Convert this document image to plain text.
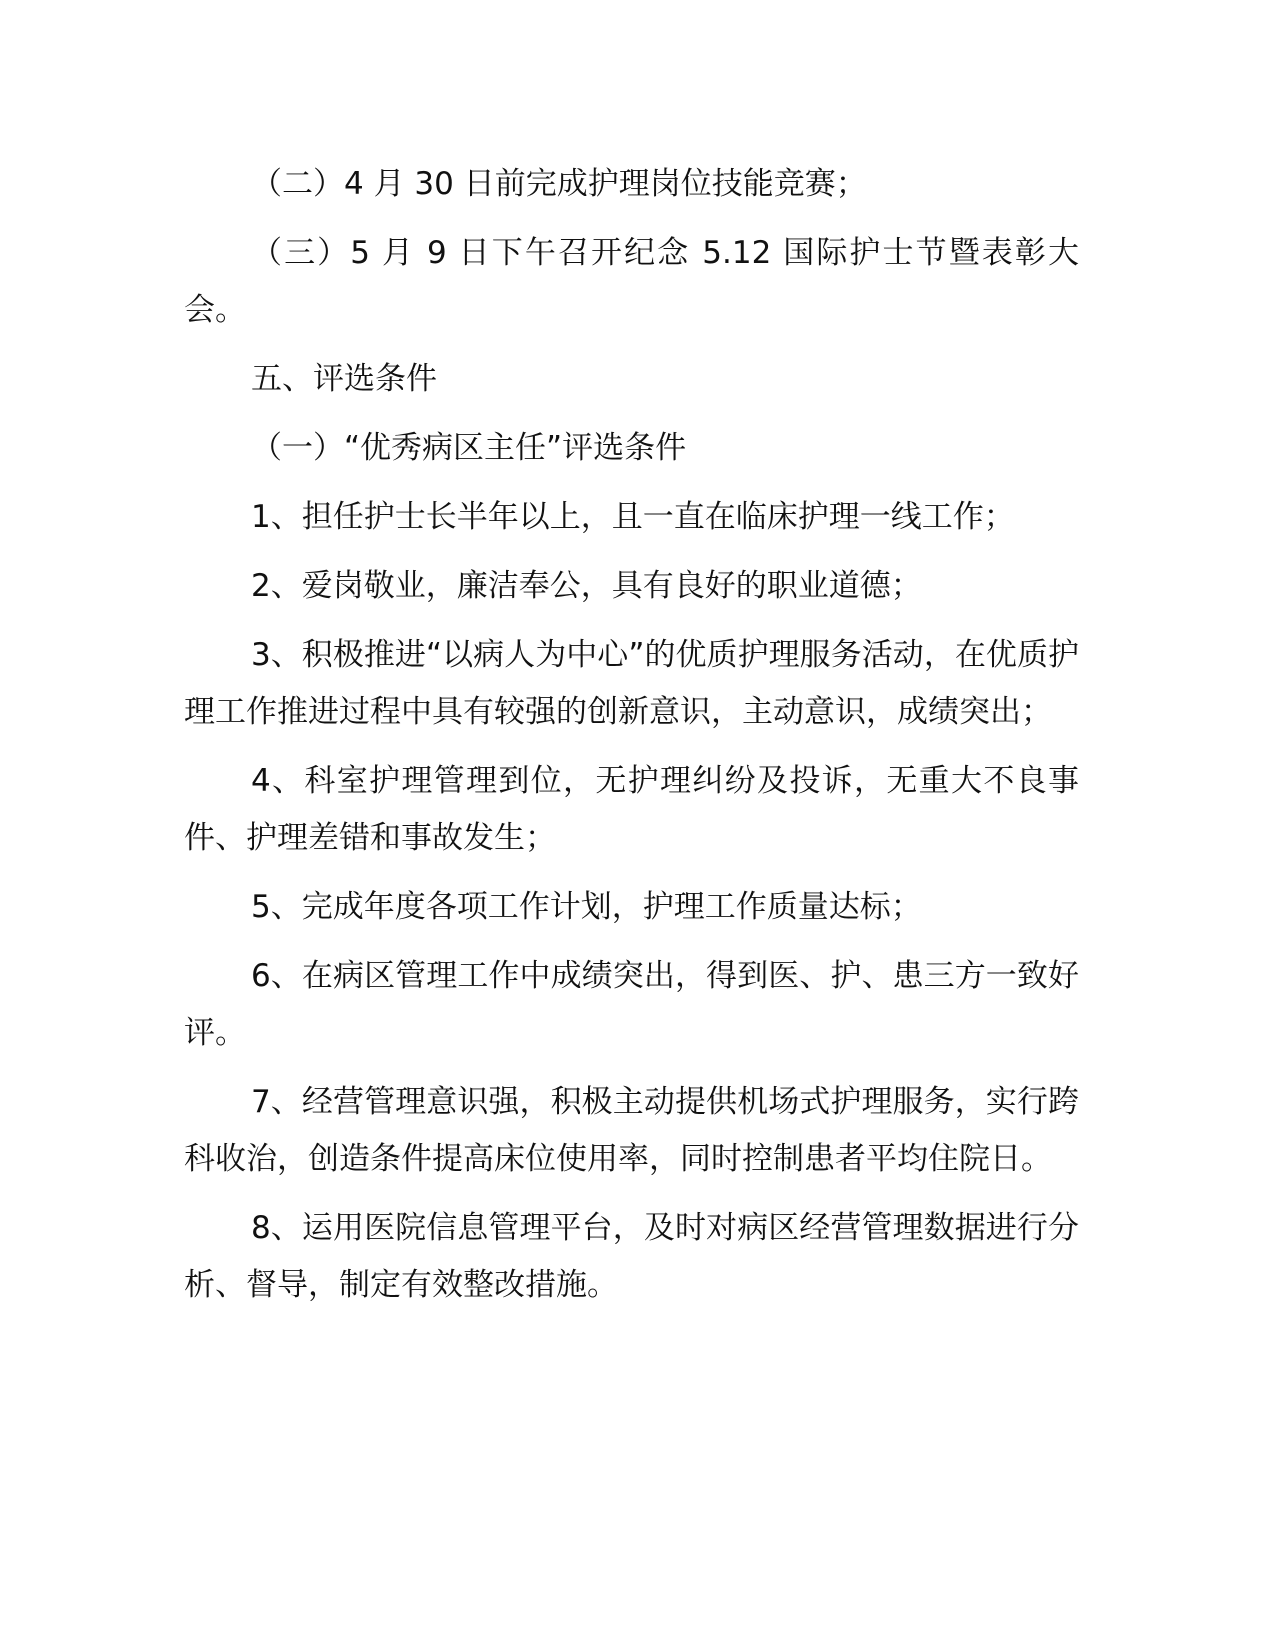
（二）4 月 30 日前完成护理岗位技能竞赛；

（三）5 月 9 日下午召开纪念 5.12 国际护士节暨表彰大会。

五、评选条件

（一）“优秀病区主任”评选条件

1、担任护士长半年以上，且一直在临床护理一线工作；

2、爱岗敬业，廉洁奉公，具有良好的职业道德；

3、积极推进“以病人为中心”的优质护理服务活动，在优质护理工作推进过程中具有较强的创新意识，主动意识，成绩突出；

4、科室护理管理到位，无护理纠纷及投诉，无重大不良事件、护理差错和事故发生；

5、完成年度各项工作计划，护理工作质量达标；

6、在病区管理工作中成绩突出，得到医、护、患三方一致好评。

7、经营管理意识强，积极主动提供机场式护理服务，实行跨科收治，创造条件提高床位使用率，同时控制患者平均住院日。

8、运用医院信息管理平台，及时对病区经营管理数据进行分析、督导，制定有效整改措施。
